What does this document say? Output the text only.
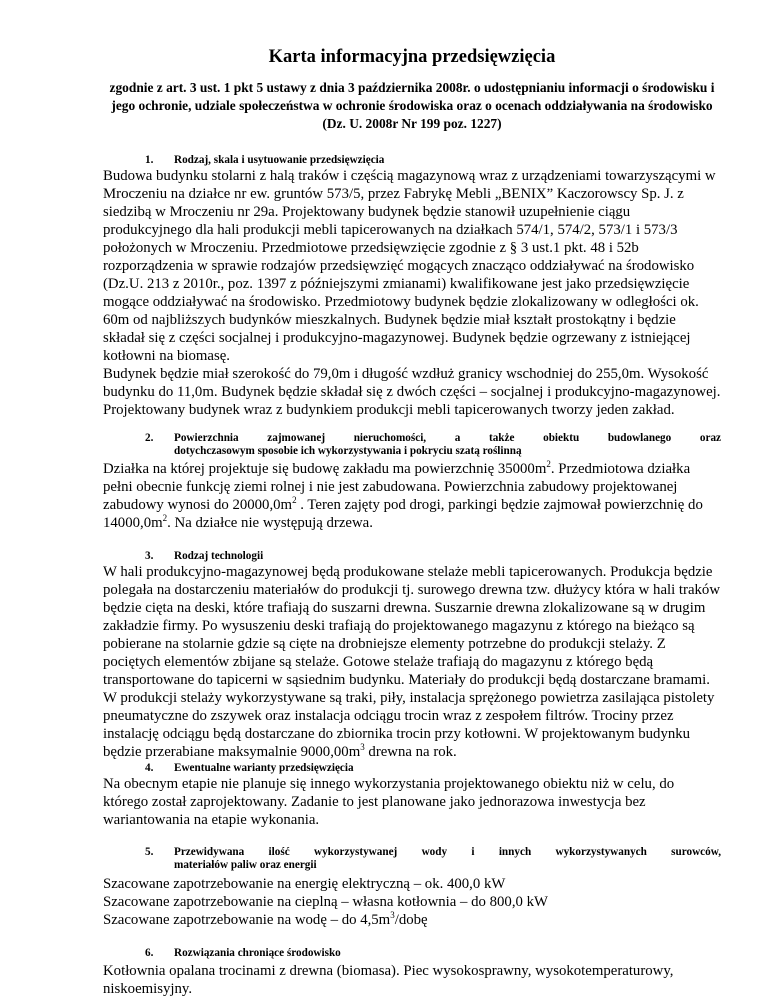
Karta informacyjna przedsięwzięcia

zgodnie z art. 3 ust. 1 pkt 5 ustawy z dnia 3 października 2008r. o udostępnianiu informacji o środowisku i jego ochronie, udziale społeczeństwa w ochronie środowiska oraz o ocenach oddziaływania na środowisko (Dz. U. 2008r Nr 199 poz. 1227)

1.	Rodzaj, skala i usytuowanie przedsięwzięcia

Budowa budynku stolarni z halą traków i częścią magazynową wraz z urządzeniami towarzyszącymi w Mroczeniu na działce nr ew. gruntów 573/5, przez Fabrykę Mebli „BENIX” Kaczorowscy Sp. J. z siedzibą w Mroczeniu nr 29a. Projektowany budynek będzie stanowił uzupełnienie ciągu produkcyjnego dla hali produkcji mebli tapicerowanych na działkach 574/1, 574/2, 573/1 i 573/3 położonych w Mroczeniu. Przedmiotowe przedsięwzięcie zgodnie z § 3 ust.1 pkt. 48 i 52b rozporządzenia w sprawie rodzajów przedsięwzięć mogących znacząco oddziaływać na środowisko (Dz.U. 213 z 2010r., poz. 1397 z późniejszymi zmianami) kwalifikowane jest jako przedsięwzięcie mogące oddziaływać na środowisko. Przedmiotowy budynek będzie zlokalizowany w odległości ok. 60m od najbliższych budynków mieszkalnych. Budynek będzie miał kształt prostokątny i będzie składał się z części socjalnej i produkcyjno-magazynowej. Budynek będzie ogrzewany z istniejącej kotłowni na biomasę.

Budynek będzie miał szerokość do 79,0m i długość wzdłuż granicy wschodniej do 255,0m. Wysokość budynku do 11,0m. Budynek będzie składał się z dwóch części – socjalnej i produkcyjno-magazynowej. Projektowany budynek wraz z budynkiem produkcji mebli tapicerowanych tworzy jeden zakład.

2.	Powierzchnia zajmowanej nieruchomości, a także obiektu budowlanego oraz
dotychczasowym sposobie ich wykorzystywania i pokryciu szatą roślinną

Działka na której projektuje się budowę zakładu ma powierzchnię $35000m^2$. Przedmiotowa działka pełni obecnie funkcję ziemi rolnej i nie jest zabudowana. Powierzchnia zabudowy projektowanej zabudowy wynosi do $20000,0m^2$ . Teren zajęty pod drogi, parkingi będzie zajmował powierzchnię do $14000,0m^2$. Na działce nie występują drzewa.

3.	Rodzaj technologii

W hali produkcyjno-magazynowej będą produkowane stelaże mebli tapicerowanych. Produkcja będzie polegała na dostarczeniu materiałów do produkcji tj. surowego drewna tzw. dłużycy która w hali traków będzie cięta na deski, które trafiają do suszarni drewna. Suszarnie drewna zlokalizowane są w drugim zakładzie firmy. Po wysuszeniu deski trafiają do projektowanego magazynu z którego na bieżąco są pobierane na stolarnie gdzie są cięte na drobniejsze elementy potrzebne do produkcji stelaży. Z pociętych elementów zbijane są stelaże. Gotowe stelaże trafiają do magazynu z którego będą transportowane do tapicerni w sąsiednim budynku. Materiały do produkcji będą dostarczane bramami. W produkcji stelaży wykorzystywane są traki, piły, instalacja sprężonego powietrza zasilająca pistolety pneumatyczne do zszywek oraz instalacja odciągu trocin wraz z zespołem filtrów. Trociny przez instalację odciągu będą dostarczane do zbiornika trocin przy kotłowni. W projektowanym budynku będzie przerabiane maksymalnie $9000,00m^3$ drewna na rok.

4.	Ewentualne warianty przedsięwzięcia

Na obecnym etapie nie planuje się innego wykorzystania projektowanego obiektu niż w celu, do którego został zaprojektowany. Zadanie to jest planowane jako jednorazowa inwestycja bez wariantowania na etapie wykonania.

5.	Przewidywana ilość wykorzystywanej wody i innych wykorzystywanych surowców,
materiałów paliw oraz energii

Szacowane zapotrzebowanie na energię elektryczną – ok. 400,0 kW

Szacowane zapotrzebowanie na cieplną – własna kotłownia – do 800,0 kW

Szacowane zapotrzebowanie na wodę – do $4,5m^3$/dobę

6.	Rozwiązania chroniące środowisko

Kotłownia opalana trocinami z drewna (biomasa). Piec wysokosprawny, wysokotemperaturowy, niskoemisyjny.
